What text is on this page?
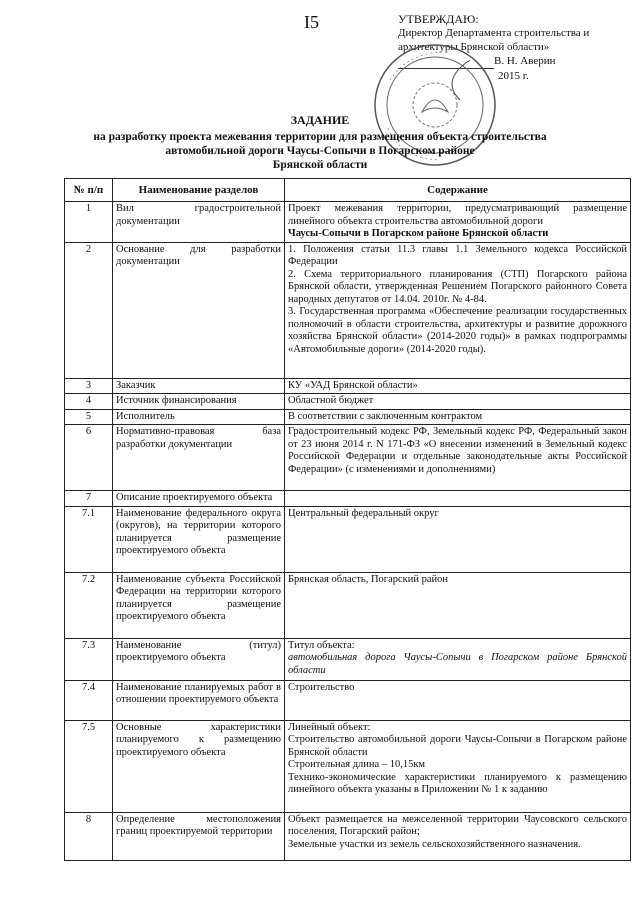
I5	УТВЕРЖДАЮ:
Директор Департамента строительства и
архитектуры Брянской области»
В. Н. Аверин
2015 г.
ЗАДАНИЕ
на разработку проекта межевания территории для размещения объекта строительства
автомобильной дороги Чаусы-Сопычи в Погарском районе
Брянской области
№ п/п	Наименование разделов	Содержание
1	Вил градостроительной документации	Проект межевания территории, предусматривающий размещение линейного объекта строительства автомобильной дороги
Чаусы-Сопычи в Погарском районе Брянской области

2	Основание для разработки документации	1. Положения статьи 11.3 главы 1.1 Земельного кодекса Российской Федерации
2. Схема территориального планирования (СТП) Погарского района Брянской области, утвержденная Решением Погарского районного Совета народных депутатов от 14.04. 2010г. № 4-84.
3. Государственная программа «Обеспечение реализации государственных полномочий в области строительства, архитектуры и развитие дорожного хозяйства Брянской области» (2014-2020 годы)» в рамках подпрограммы «Автомобильные дороги» (2014-2020 годы).

3	Заказчик	КУ «УАД Брянской области»
4	Источник финансирования	Областной бюджет
5	Исполнитель	В соответствии с заключенным контрактом
6	Нормативно-правовая база разработки документации	Градостроительный кодекс РФ, Земельный кодекс РФ, Федеральный закон от 23 июня 2014 г. N 171-ФЗ «О внесении изменений в Земельный кодекс Российской Федерации и отдельные законодательные акты Российской Федерации» (с изменениями и дополнениями)
7	Описание проектируемого объекта	
7.1	Наименование федерального округа (округов), на территории которого планируется размещение проектируемого объекта	Центральный федеральный округ
7.2	Наименование субъекта Российской Федерации на территории которого планируется размещение проектируемого объекта	Брянская область, Погарский район
7.3	Наименование (титул) проектируемого объекта	Титул объекта:
автомобильная дорога Чаусы-Сопычи в Погарском районе Брянской области

7.4	Наименование планируемых работ в отношении проектируемого объекта	Строительство
7.5	Основные характеристики планируемого к размещению проектируемого объекта	Линейный объект:
Строительство автомобильной дороги Чаусы-Сопычи в Погарском районе Брянской области
Строительная длина – 10,15км
Технико-экономические характеристики планируемого к размещению линейного объекта указаны в Приложении № 1 к заданию

8	Определение местоположения границ проектируемой территории	Объект размещается на межселенной территории Чаусовского сельского поселения, Погарский район;
Земельные участки из земель сельскохозяйственного назначения.
